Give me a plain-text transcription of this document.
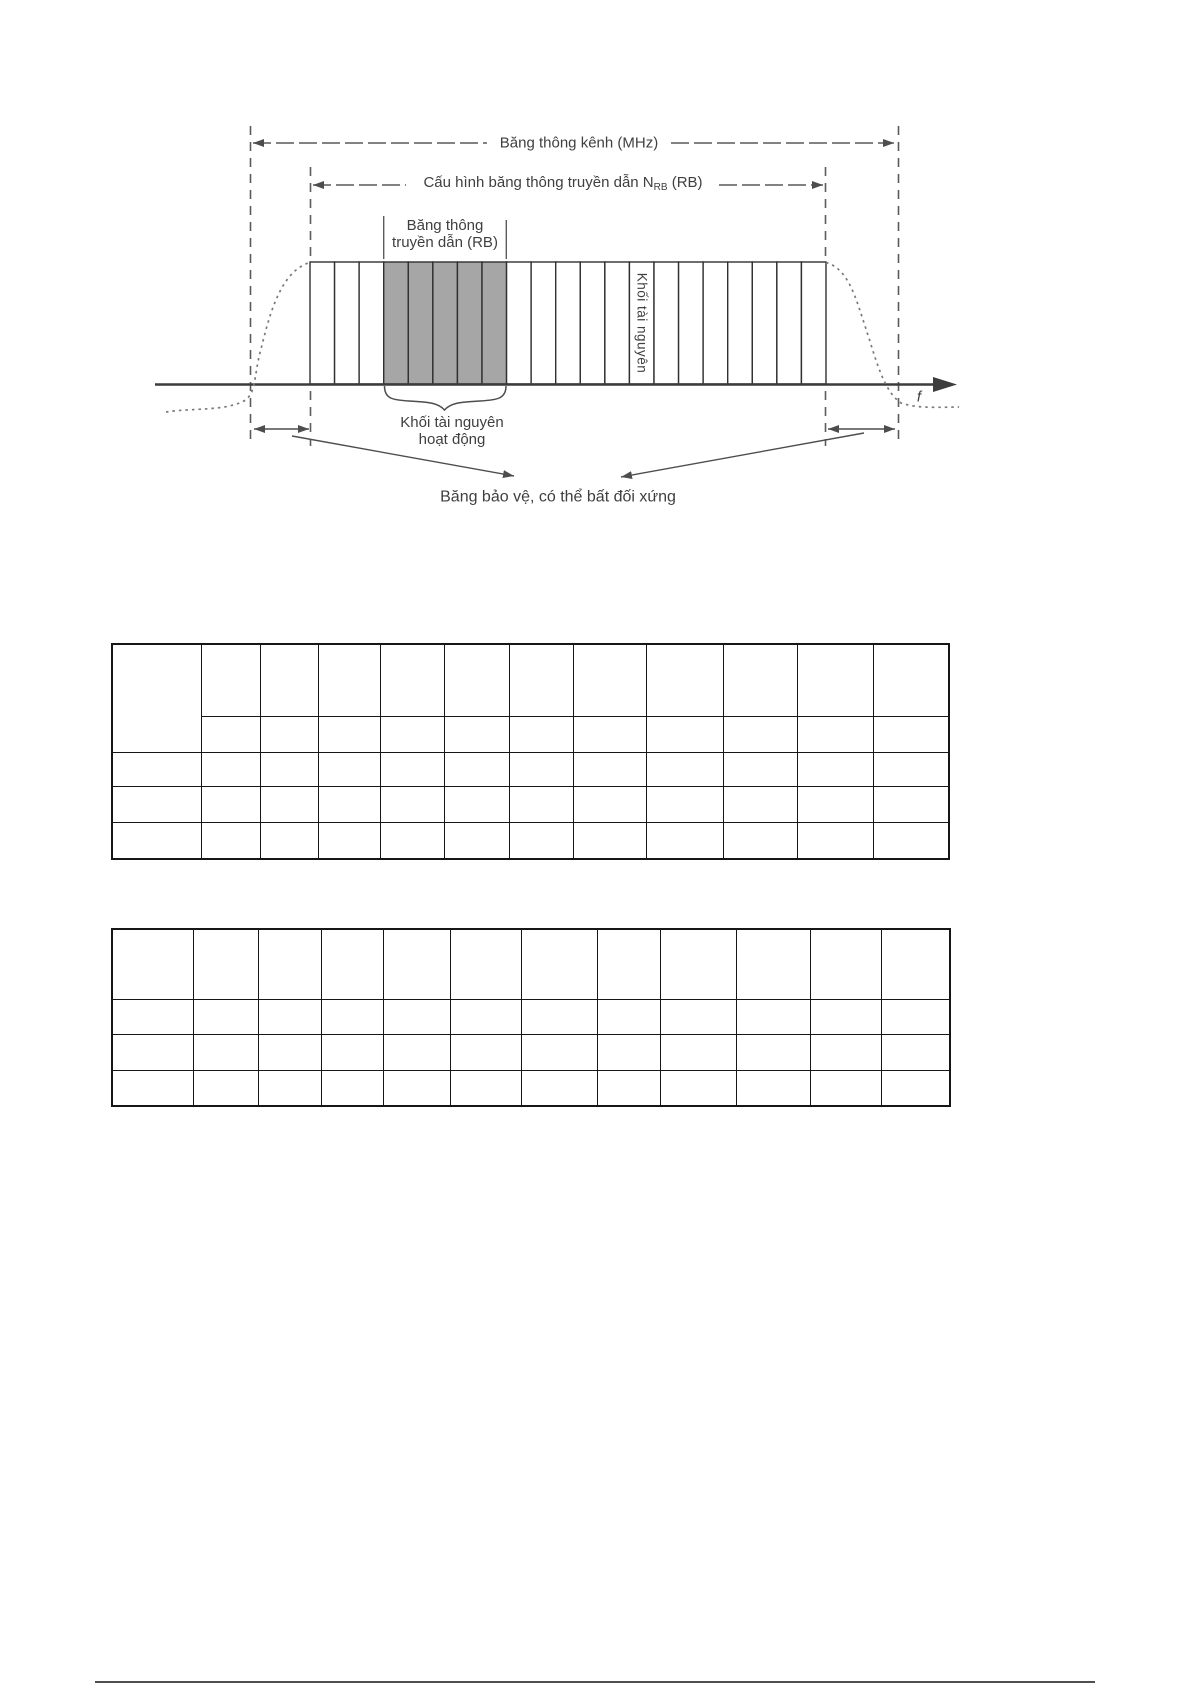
Băng thông kênh (MHz)
Cấu hình băng thông truyền dẫn $N_{RB}$ (RB)
Băng thông
truyền dẫn (RB)
Khối tài nguyên
Khối tài nguyên
hoạt động
Băng bảo vệ, có thể bất đối xứng
f
